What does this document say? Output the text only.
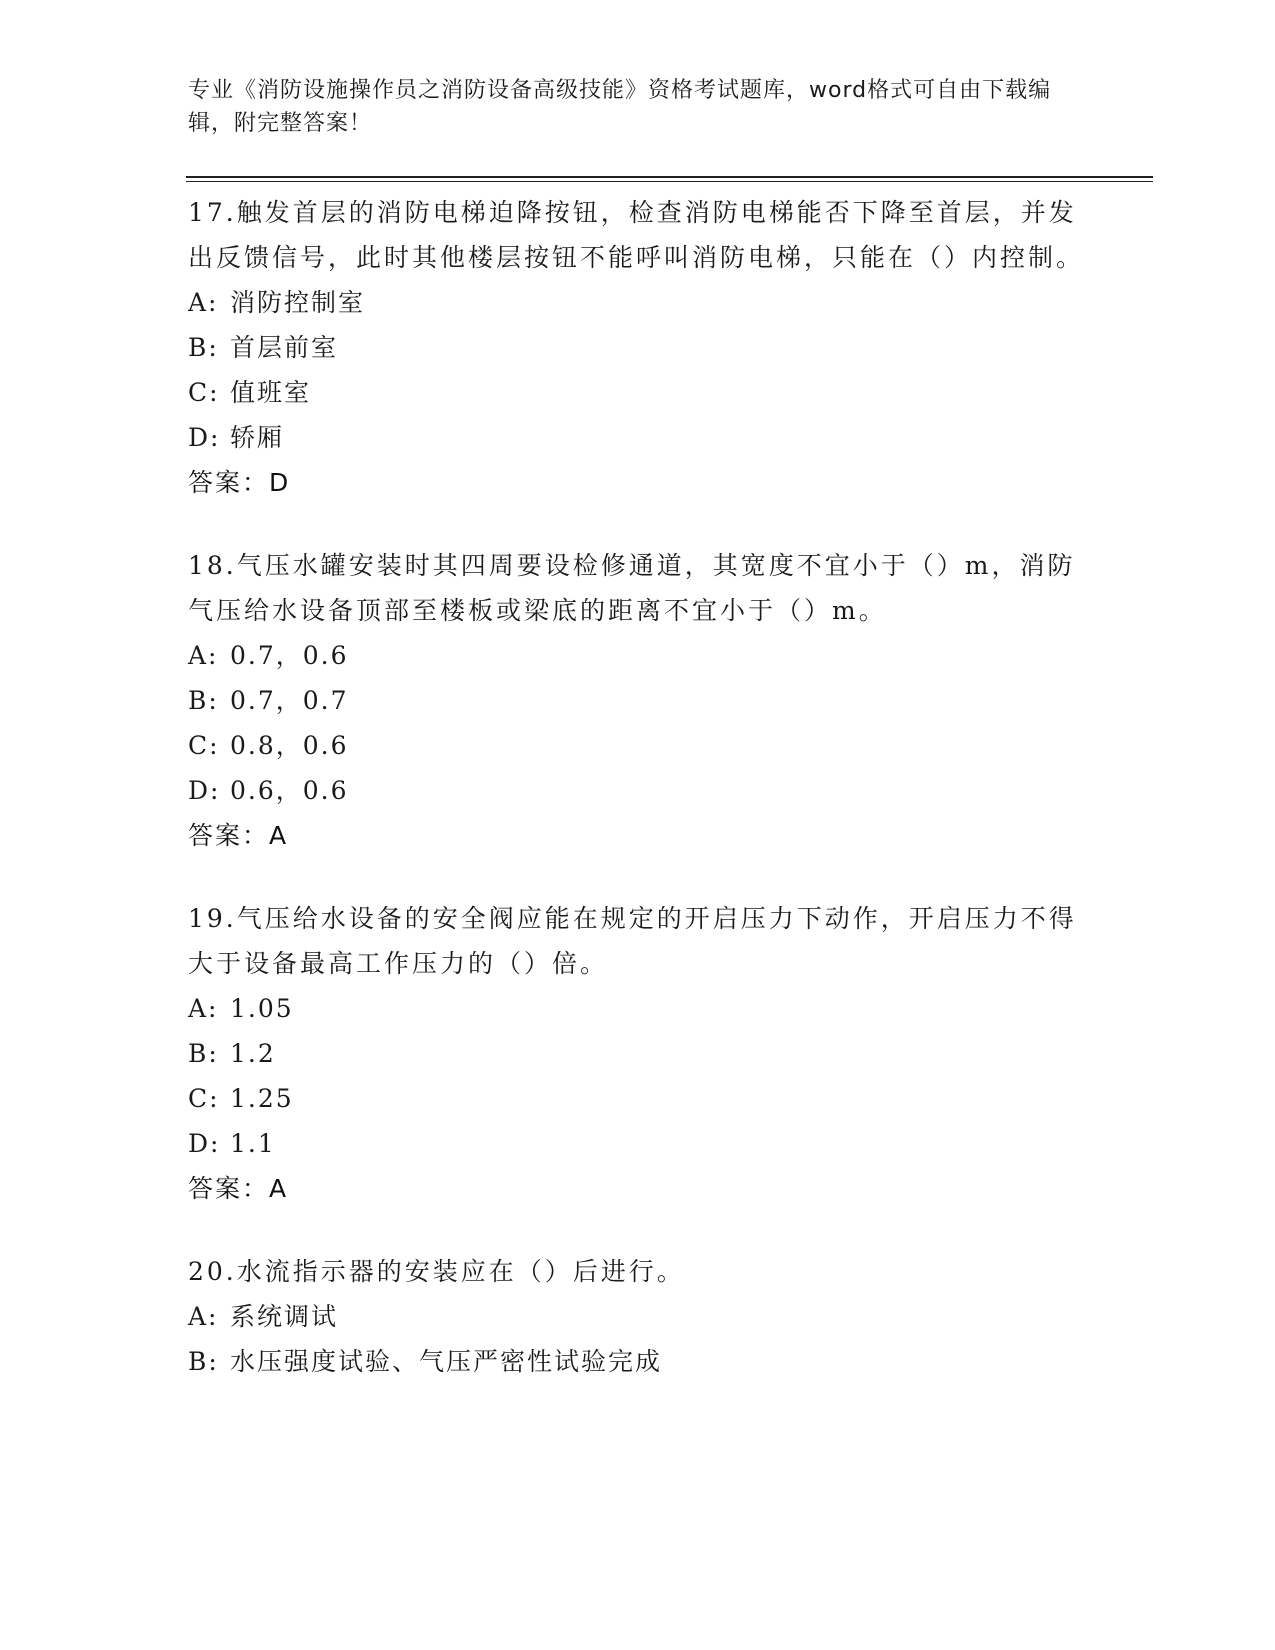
专业《消防设施操作员之消防设备高级技能》资格考试题库，word格式可自由下载编辑，附完整答案！
17.触发首层的消防电梯迫降按钮，检查消防电梯能否下降至首层，并发出反馈信号，此时其他楼层按钮不能呼叫消防电梯，只能在（）内控制。
A: 消防控制室
B: 首层前室
C: 值班室
D: 轿厢
答案：D
18.气压水罐安装时其四周要设检修通道，其宽度不宜小于（）m，消防气压给水设备顶部至楼板或梁底的距离不宜小于（）m。
A: 0.7，0.6
B: 0.7，0.7
C: 0.8，0.6
D: 0.6，0.6
答案：A
19.气压给水设备的安全阀应能在规定的开启压力下动作，开启压力不得大于设备最高工作压力的（）倍。
A: 1.05
B: 1.2
C: 1.25
D: 1.1
答案：A
20.水流指示器的安装应在（）后进行。
A: 系统调试
B: 水压强度试验、气压严密性试验完成
